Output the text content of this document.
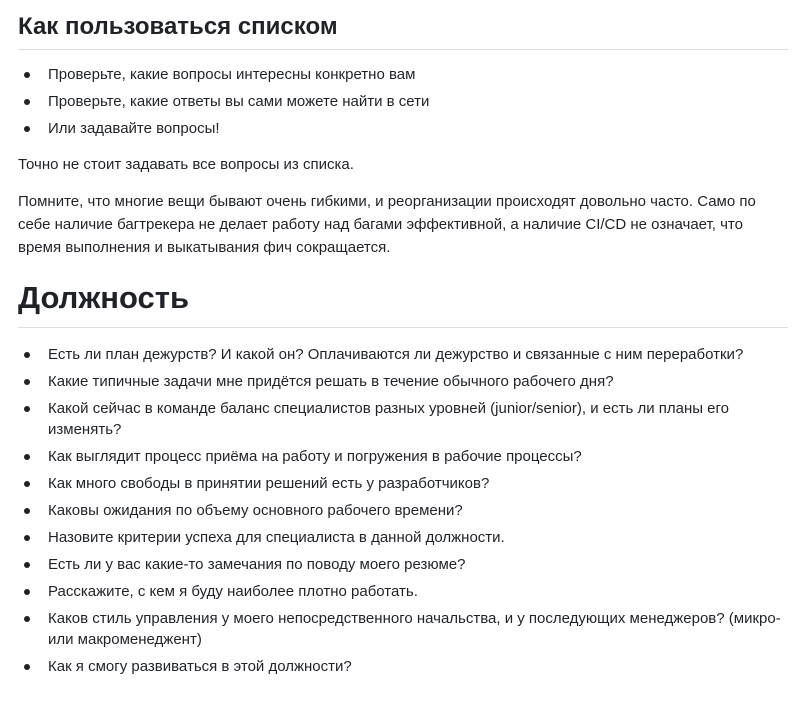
Как пользоваться списком
Проверьте, какие вопросы интересны конкретно вам
Проверьте, какие ответы вы сами можете найти в сети
Или задавайте вопросы!

Точно не стоит задавать все вопросы из списка.

Помните, что многие вещи бывают очень гибкими, и реорганизации происходят довольно часто. Само по себе наличие багтрекера не делает работу над багами эффективной, а наличие CI/CD не означает, что время выполнения и выкатывания фич сокращается.

Должность
Есть ли план дежурств? И какой он? Оплачиваются ли дежурство и связанные с ним переработки?
Какие типичные задачи мне придётся решать в течение обычного рабочего дня?
Какой сейчас в команде баланс специалистов разных уровней (junior/senior), и есть ли планы его изменять?
Как выглядит процесс приёма на работу и погружения в рабочие процессы?
Как много свободы в принятии решений есть у разработчиков?
Каковы ожидания по объему основного рабочего времени?
Назовите критерии успеха для специалиста в данной должности.
Есть ли у вас какие-то замечания по поводу моего резюме?
Расскажите, с кем я буду наиболее плотно работать.
Каков стиль управления у моего непосредственного начальства, и у последующих менеджеров? (микро- или макроменеджент)
Как я смогу развиваться в этой должности?
